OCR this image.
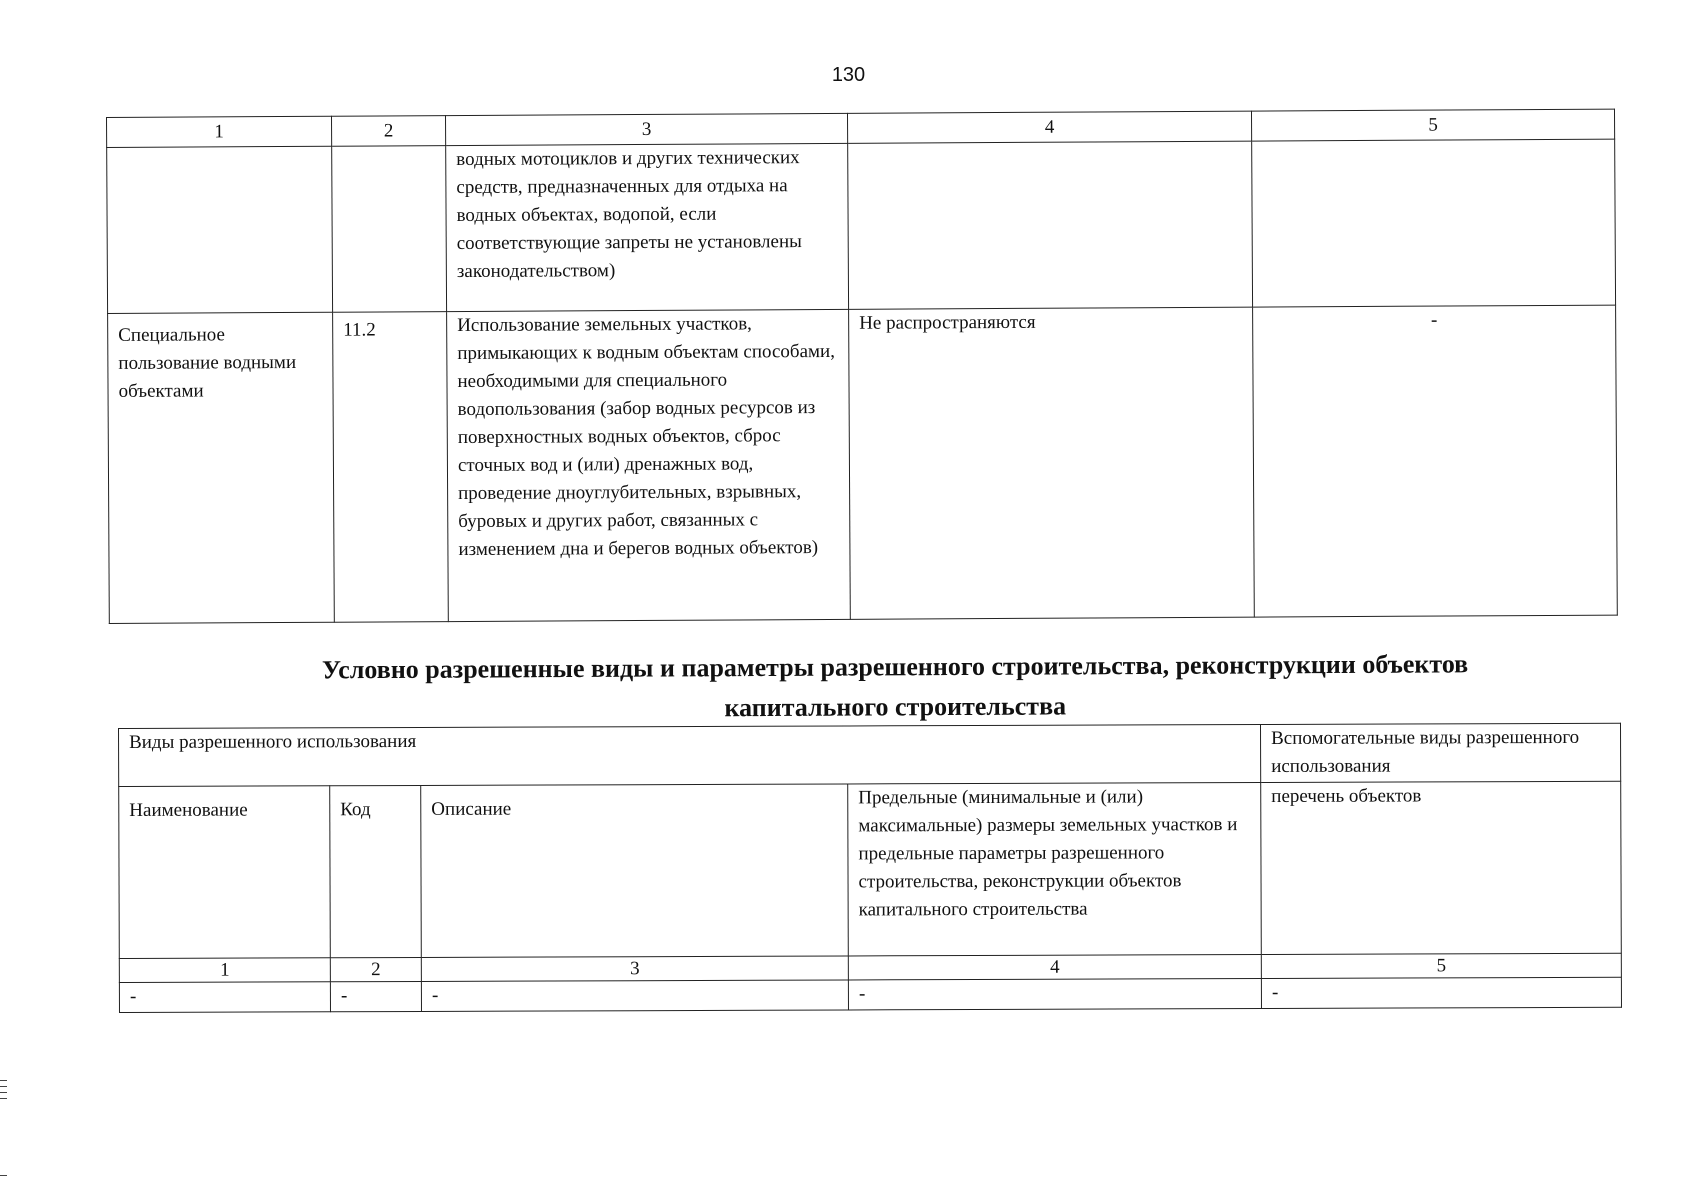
130
1	2	3	4	5
		водных мотоциклов и других технических средств, предназначенных для отдыха на водных объектах, водопой, если соответствующие запреты не установлены законодательством)		
Специальное пользование водными объектами	11.2	Использование земельных участков, примыкающих к водным объектам способами, необходимыми для специального водопользования (забор водных ресурсов из поверхностных водных объектов, сброс сточных вод и (или) дренажных вод, проведение дноуглубительных, взрывных, буровых и других работ, связанных с изменением дна и берегов водных объектов)	Не распространяются	-
Условно разрешенные виды и параметры разрешенного строительства, реконструкции объектов
капитального строительства
Виды разрешенного использования				Вспомогательные виды разрешенного использования
Наименование	Код	Описание	Предельные (минимальные и (или) максимальные) размеры земельных участков и предельные параметры разрешенного строительства, реконструкции объектов капитального строительства	перечень объектов
1	2	3	4	5
-	-	-	-	-
